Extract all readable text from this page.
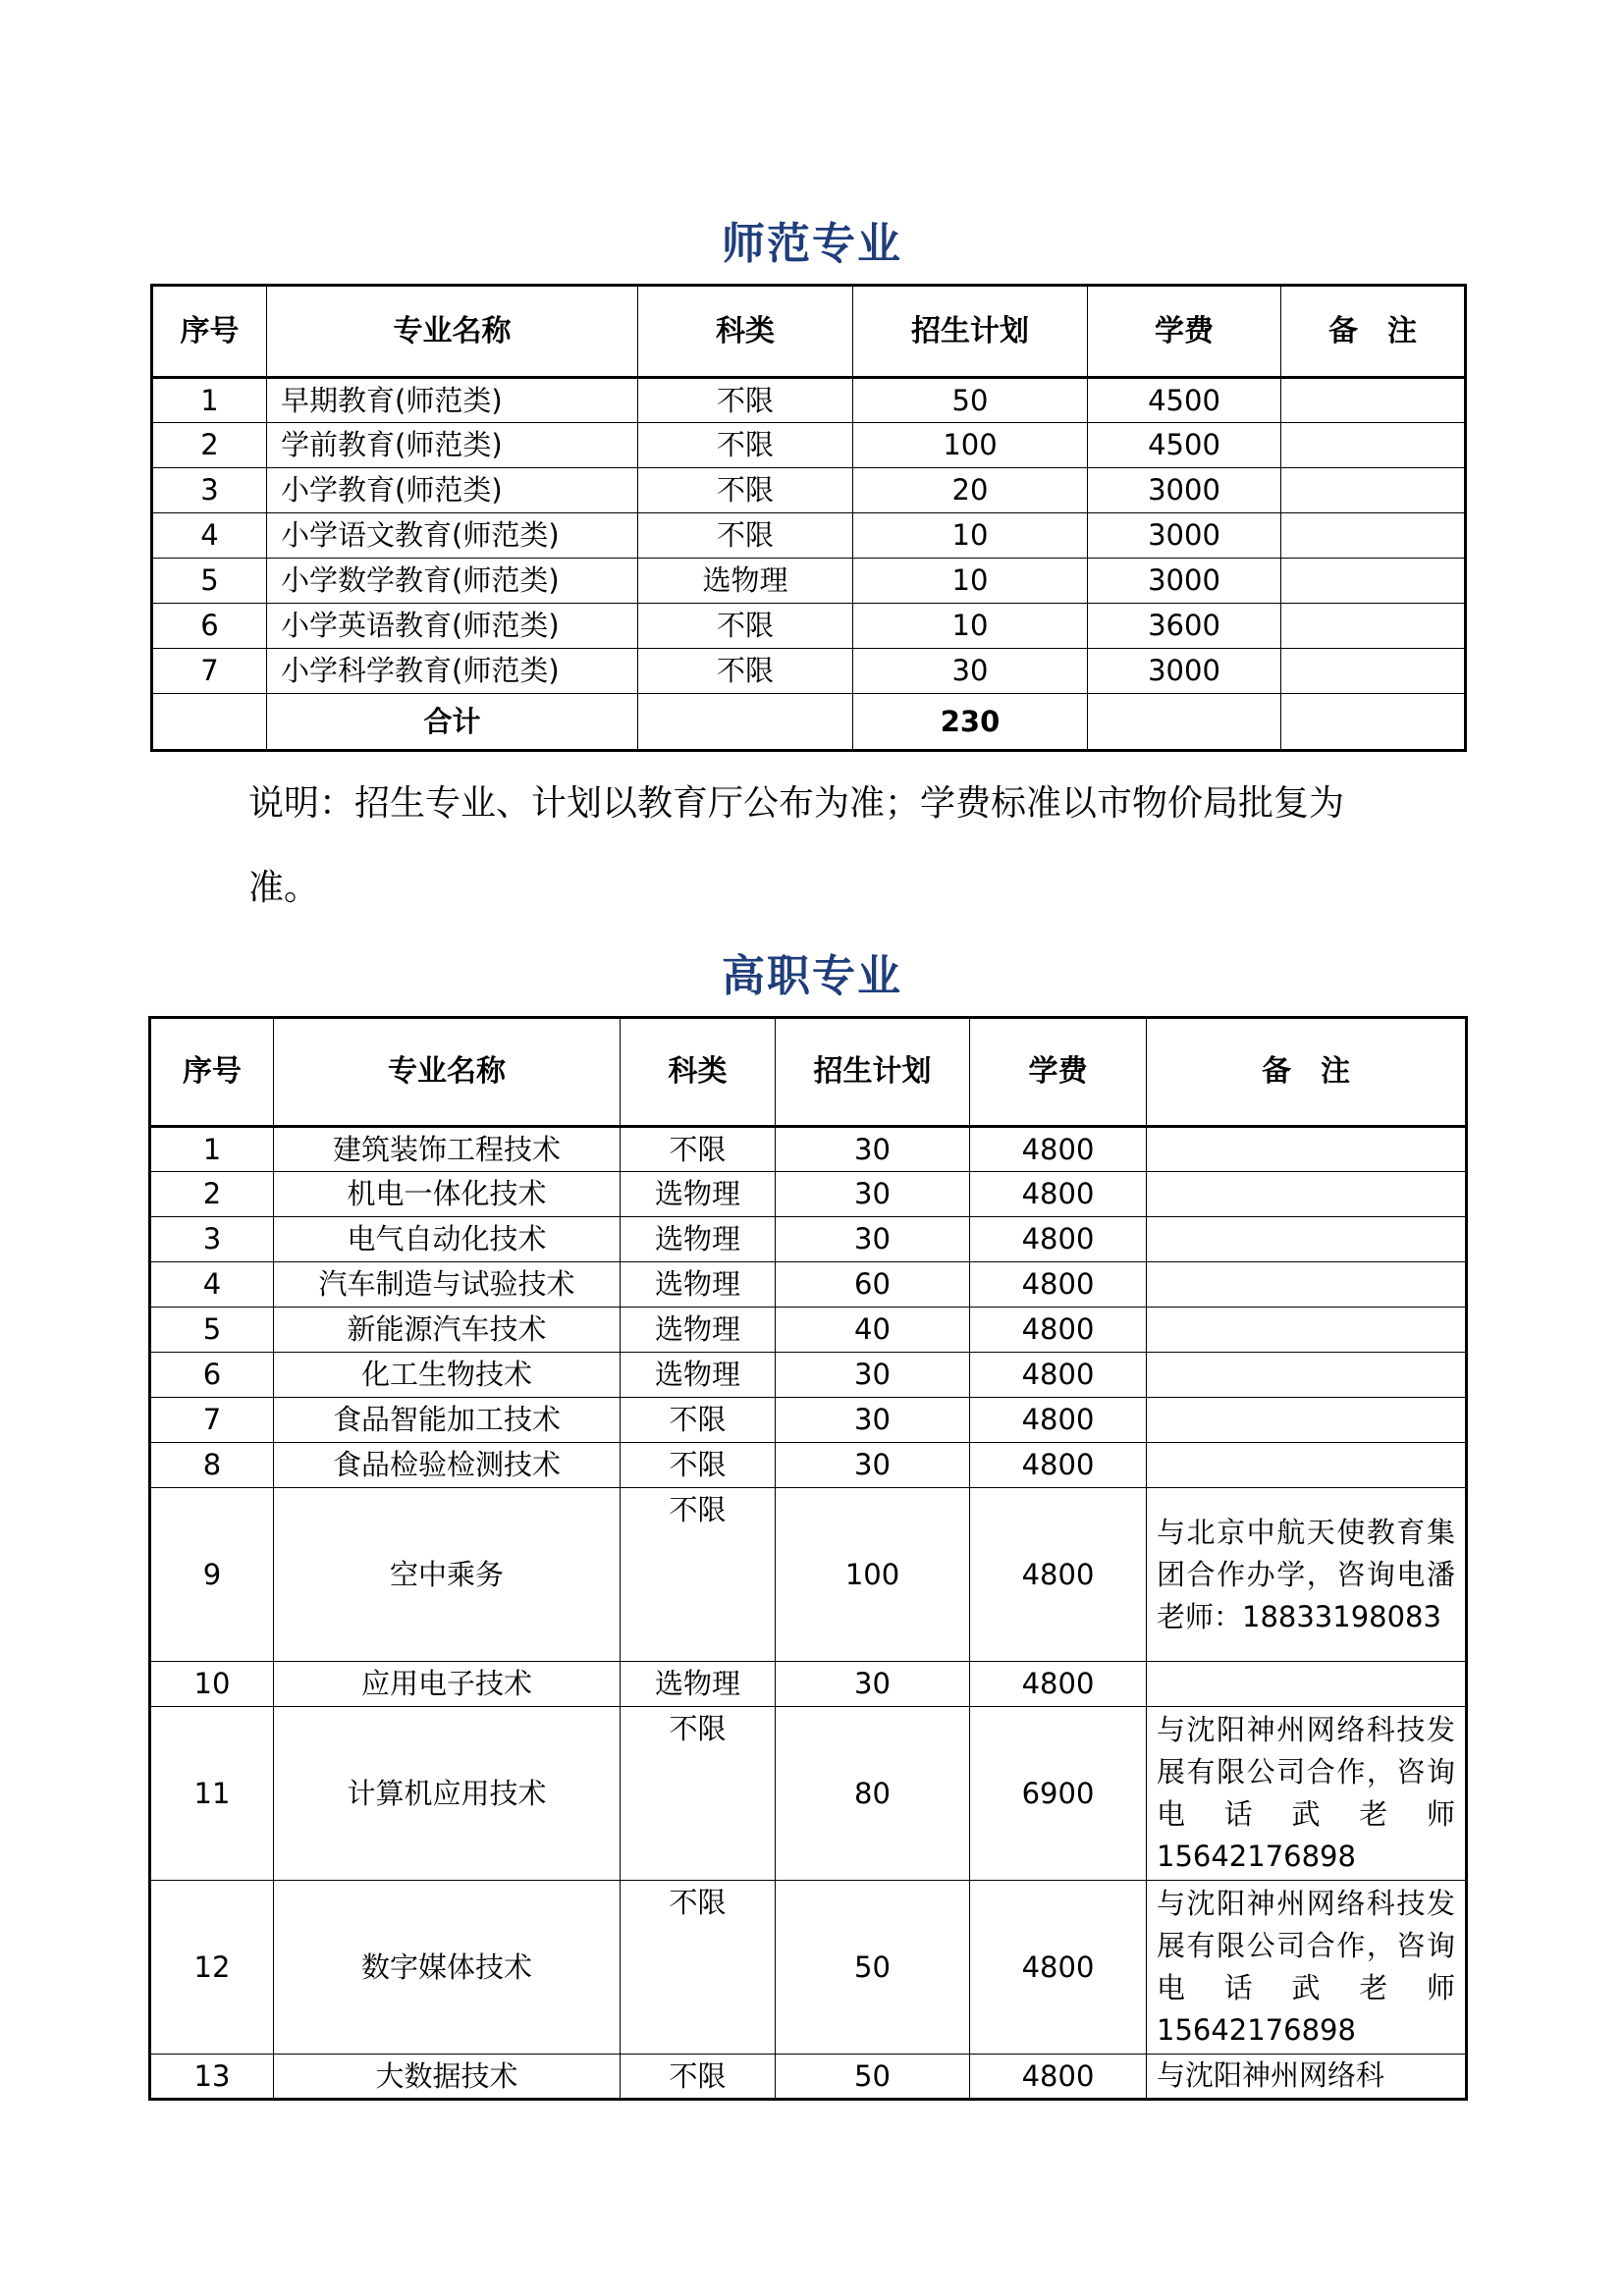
师范专业
序号	专业名称	科类	招生计划	学费	备　注
1	早期教育(师范类)	不限	50	4500	
2	学前教育(师范类)	不限	100	4500	
3	小学教育(师范类)	不限	20	3000	
4	小学语文教育(师范类)	不限	10	3000	
5	小学数学教育(师范类)	选物理	10	3000	
6	小学英语教育(师范类)	不限	10	3600	
7	小学科学教育(师范类)	不限	30	3000	
	合计		230		
说明：招生专业、计划以教育厅公布为准；学费标准以市物价局批复为准。
高职专业
序号	专业名称	科类	招生计划	学费	备　注
1	建筑装饰工程技术	不限	30	4800	
2	机电一体化技术	选物理	30	4800	
3	电气自动化技术	选物理	30	4800	
4	汽车制造与试验技术	选物理	60	4800	
5	新能源汽车技术	选物理	40	4800	
6	化工生物技术	选物理	30	4800	
7	食品智能加工技术	不限	30	4800	
8	食品检验检测技术	不限	30	4800	
9	空中乘务	不限	100	4800	与北京中航天使教育集团合作办学，咨询电潘老师：18833198083
10	应用电子技术	选物理	30	4800	
11	计算机应用技术	不限	80	6900	与沈阳神州网络科技发展有限公司合作，咨询电话武老师15642176898
12	数字媒体技术	不限	50	4800	与沈阳神州网络科技发展有限公司合作，咨询电话武老师15642176898
13	大数据技术	不限	50	4800	与沈阳神州网络科
